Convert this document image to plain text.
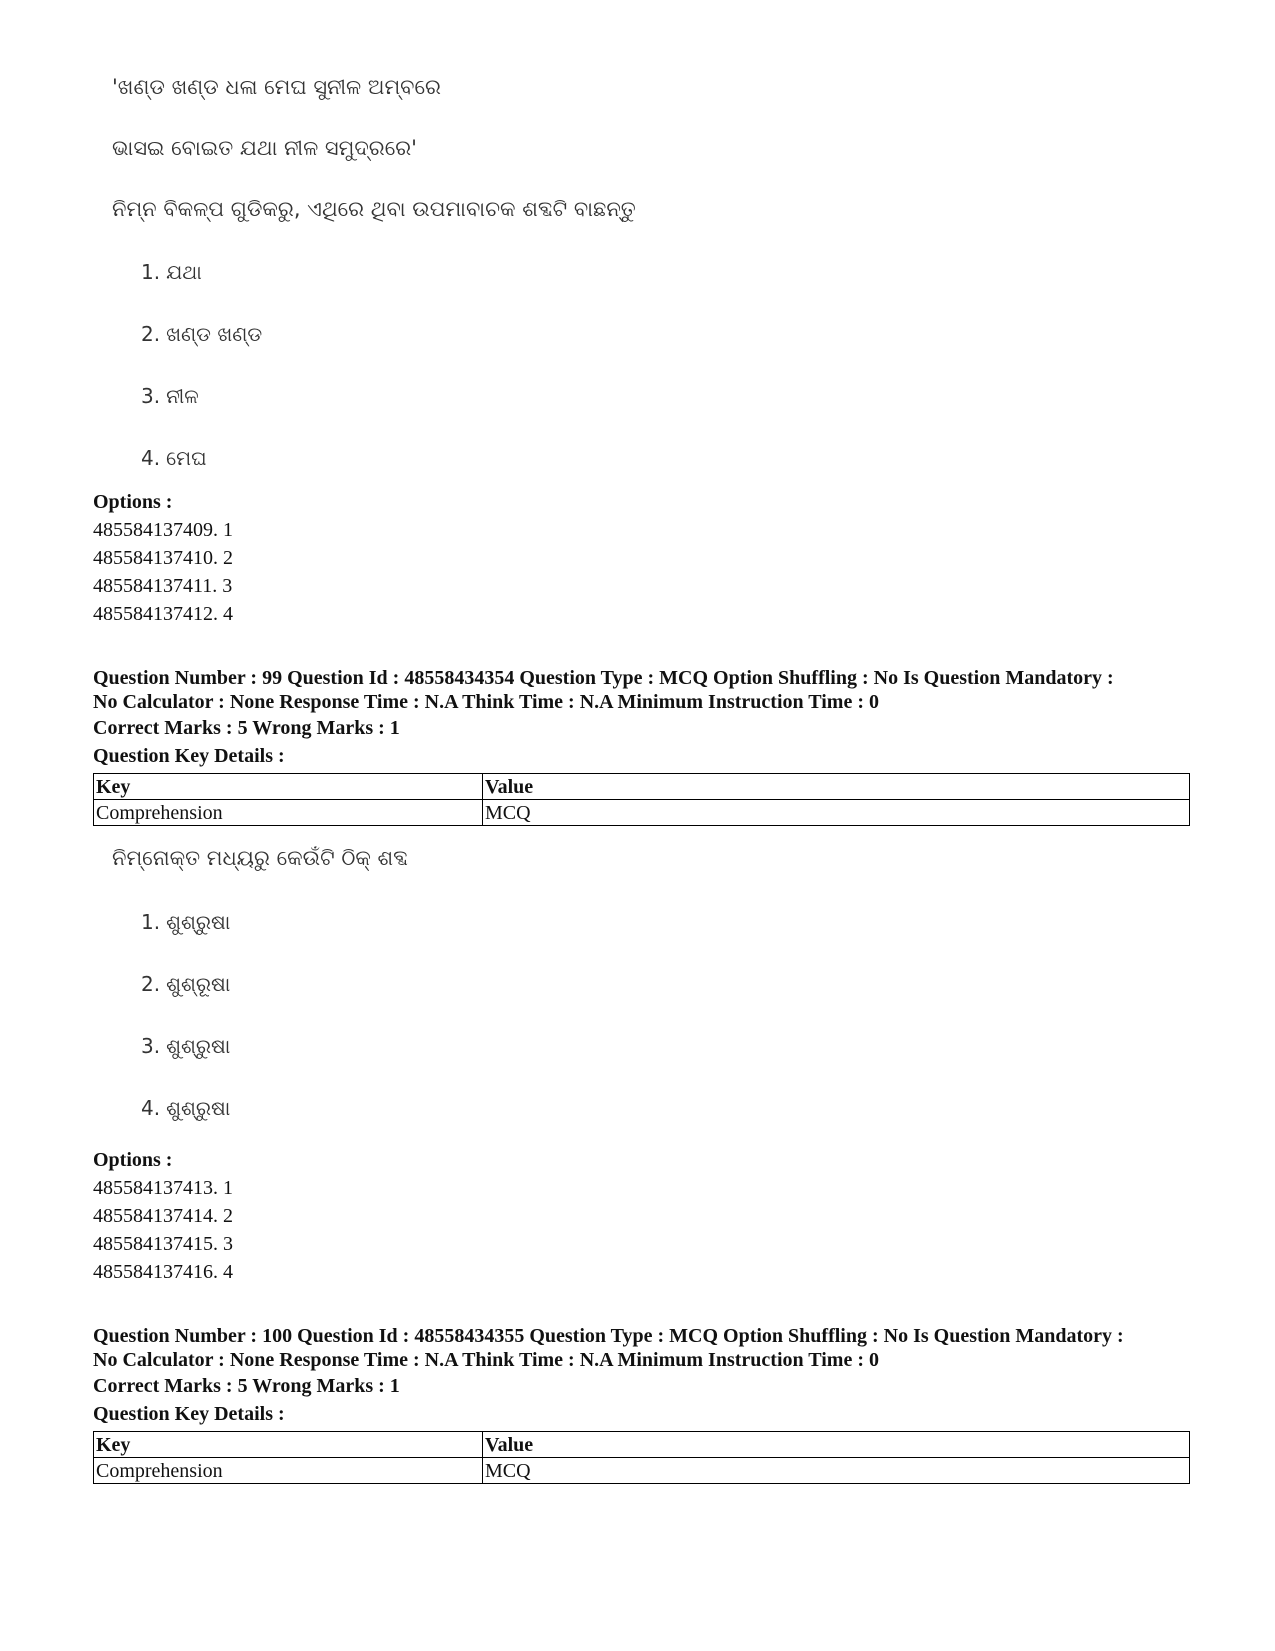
'ଖଣ୍ଡ ଖଣ୍ଡ ଧଳା ମେଘ ସୁନୀଳ ଅମ୍ବରେ
ଭାସଇ ବୋଇତ ଯଥା ନୀଳ ସମୁଦ୍ରରେ'
ନିମ୍ନ ବିକଳ୍ପ ଗୁଡିକରୁ, ଏଥିରେ ଥିବା ଉପମାବାଚକ ଶବ୍ଦଟି ବାଛନ୍ତୁ
1. ଯଥା
2. ଖଣ୍ଡ ଖଣ୍ଡ
3. ନୀଳ
4. ମେଘ
Options :
485584137409. 1
485584137410. 2
485584137411. 3
485584137412. 4
Question Number : 99 Question Id : 48558434354 Question Type : MCQ Option Shuffling : No Is Question Mandatory :
No Calculator : None Response Time : N.A Think Time : N.A Minimum Instruction Time : 0
Correct Marks : 5 Wrong Marks : 1
Question Key Details :
Key	Value
Comprehension	MCQ
ନିମ୍ନୋକ୍ତ ମଧ୍ୟରୁ କେଉଁଟି ଠିକ୍ ଶବ୍ଦ
1. ଶୁଶ୍ରୁଷା
2. ଶୁଶ୍ରୂଷା
3. ଶୁଶ୍ରୁଷା
4. ଶୁଶ୍ରୁଷା
Options :
485584137413. 1
485584137414. 2
485584137415. 3
485584137416. 4
Question Number : 100 Question Id : 48558434355 Question Type : MCQ Option Shuffling : No Is Question Mandatory :
No Calculator : None Response Time : N.A Think Time : N.A Minimum Instruction Time : 0
Correct Marks : 5 Wrong Marks : 1
Question Key Details :
Key	Value
Comprehension	MCQ
